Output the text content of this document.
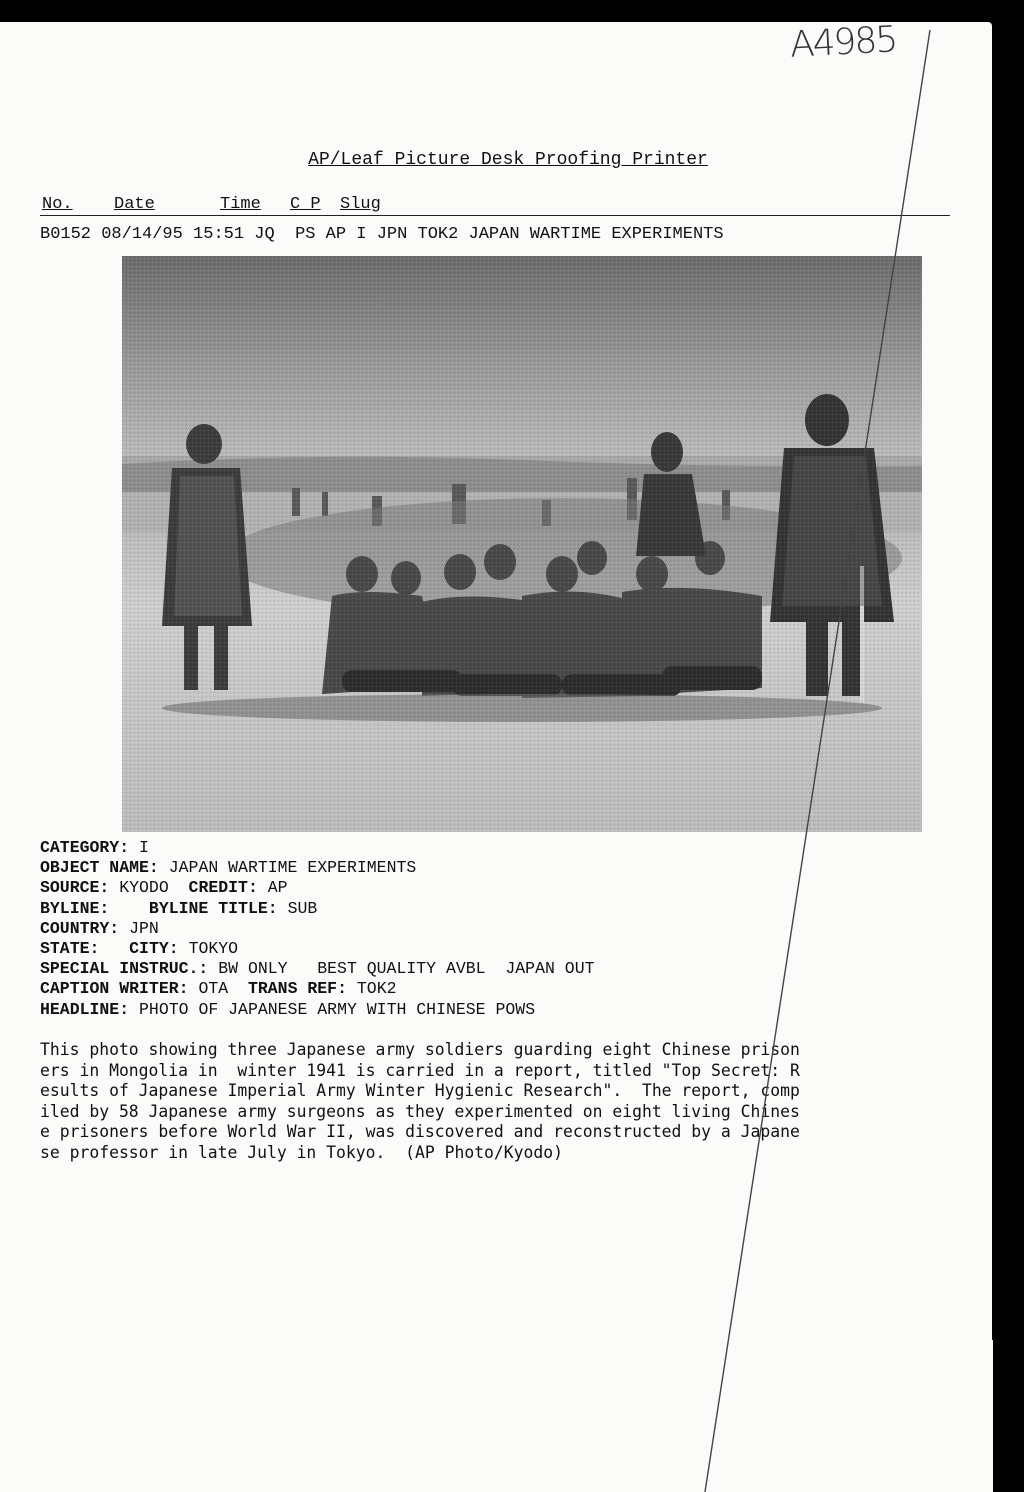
A4985
AP/Leaf Picture Desk Proofing Printer
No. Date	Time C P Slug
B0152 08/14/95 15:51 JQ PS AP I JPN TOK2 JAPAN WARTIME EXPERIMENTS
CATEGORY: I
OBJECT NAME: JAPAN WARTIME EXPERIMENTS
SOURCE: KYODO CREDIT: AP
BYLINE: BYLINE TITLE: SUB
COUNTRY: JPN
STATE: CITY: TOKYO
SPECIAL INSTRUC.: BW ONLY   BEST QUALITY AVBL  JAPAN OUT
CAPTION WRITER: OTA TRANS REF: TOK2
HEADLINE: PHOTO OF JAPANESE ARMY WITH CHINESE POWS
This photo showing three Japanese army soldiers guarding eight Chinese prison
ers in Mongolia in  winter 1941 is carried in a report, titled "Top Secret: R
esults of Japanese Imperial Army Winter Hygienic Research".  The report, comp
iled by 58 Japanese army surgeons as they experimented on eight living Chines
e prisoners before World War II, was discovered and reconstructed by a Japane
se professor in late July in Tokyo.  (AP Photo/Kyodo)
